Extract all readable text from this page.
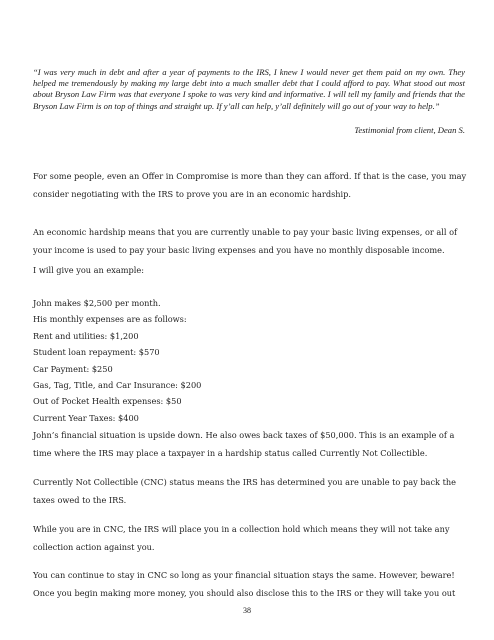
“I was very much in debt and after a year of payments to the IRS, I knew I would never get them paid on my own. They helped me tremendously by making my large debt into a much smaller debt that I could afford to pay. What stood out most about Bryson Law Firm was that everyone I spoke to was very kind and informative. I will tell my family and friends that the Bryson Law Firm is on top of things and straight up. If y’all can help, y’all definitely will go out of your way to help.”
Testimonial from client, Dean S.

For some people, even an Offer in Compromise is more than they can afford. If that is the case, you may consider negotiating with the IRS to prove you are in an economic hardship.

An economic hardship means that you are currently unable to pay your basic living expenses, or all of your income is used to pay your basic living expenses and you have no monthly disposable income.

I will give you an example:

John makes $2,500 per month.
His monthly expenses are as follows:
Rent and utilities: $1,200
Student loan repayment: $570
Car Payment: $250
Gas, Tag, Title, and Car Insurance: $200
Out of Pocket Health expenses: $50
Current Year Taxes: $400

John’s financial situation is upside down. He also owes back taxes of $50,000. This is an example of a time where the IRS may place a taxpayer in a hardship status called Currently Not Collectible.

Currently Not Collectible (CNC) status means the IRS has determined you are unable to pay back the taxes owed to the IRS.

While you are in CNC, the IRS will place you in a collection hold which means they will not take any collection action against you.

You can continue to stay in CNC so long as your financial situation stays the same. However, beware! Once you begin making more money, you should also disclose this to the IRS or they will take you out

38
